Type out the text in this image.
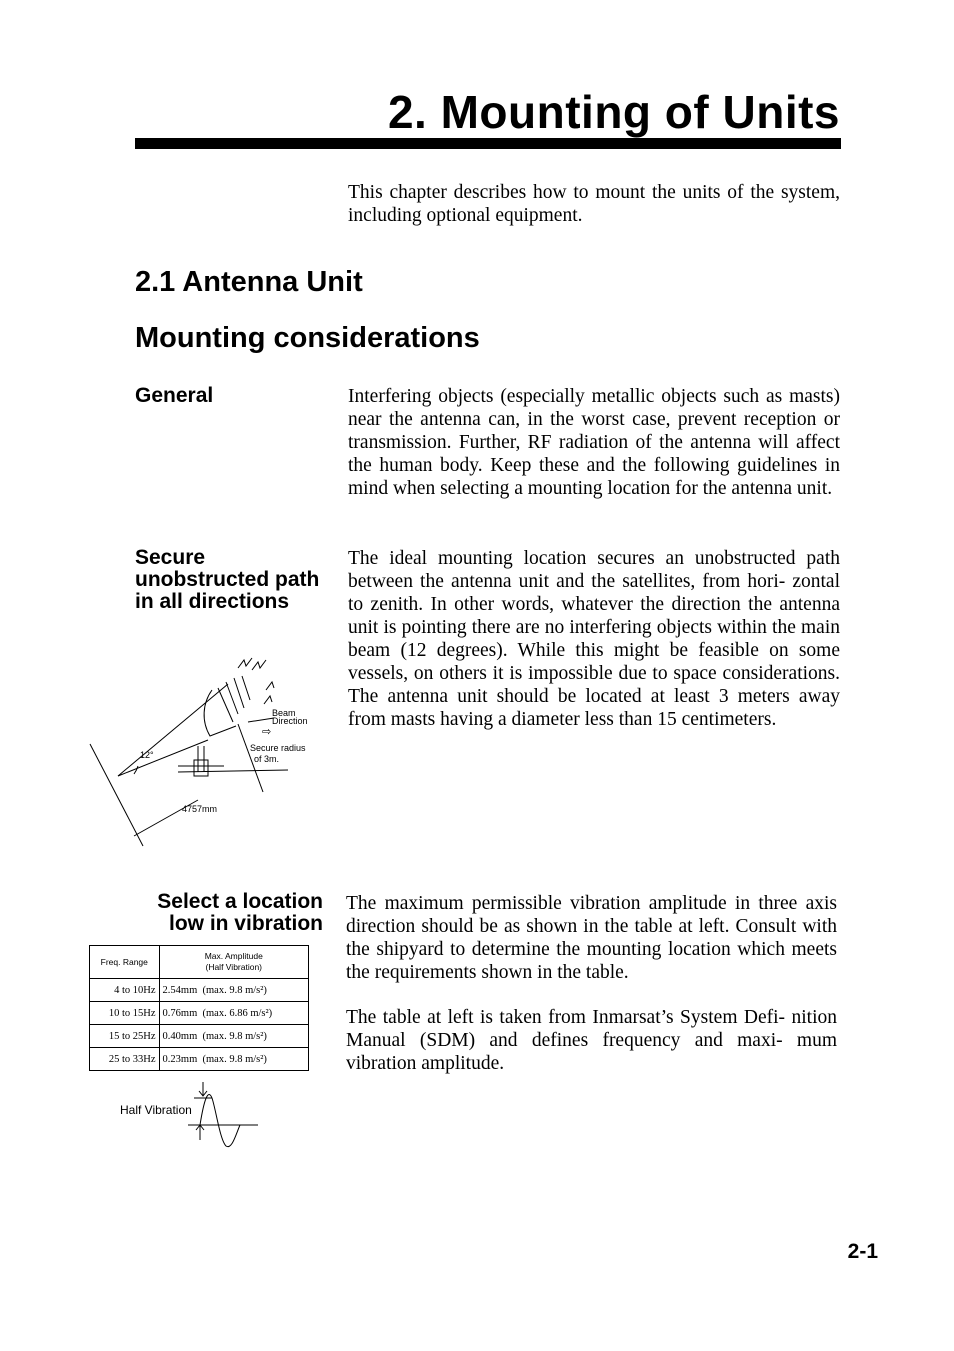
2. Mounting of Units
This chapter describes how to mount the units of the system, including optional equipment.
2.1 Antenna Unit
Mounting considerations
General	Interfering objects (especially metallic objects such as masts) near the antenna can, in the worst case, prevent reception or transmission. Further, RF radiation of the antenna will affect the human body. Keep these and the following guidelines in mind when selecting a mounting location for the antenna unit.
Secure unobstructed path in all directions
The ideal mounting location secures an unobstructed path between the antenna unit and the satellites, from hori- zontal to zenith. In other words, whatever the direction the antenna unit is pointing there are no interfering objects within the main beam (12 degrees). While this might be feasible on some vessels, on others it is impossible due to space considerations. The antenna unit should be located at least 3 meters away from masts having a diameter less than 15 centimeters.
Beam
Direction
12°
⇨
Secure radius
of 3m.
4757mm
Select a location low in vibration
Freq. Range	Max. Amplitude
(Half Vibration)

4 to 10Hz	2.54mm (max. 9.8 m/s²)
10 to 15Hz	0.76mm (max. 6.86 m/s²)
15 to 25Hz	0.40mm (max. 9.8 m/s²)
25 to 33Hz	0.23mm (max. 9.8 m/s²)
Half Vibration
The maximum permissible vibration amplitude in three axis direction should be as shown in the table at left. Consult with the shipyard to determine the mounting location which meets the requirements shown in the table.
The table at left is taken from Inmarsat’s System Defi- nition Manual (SDM) and defines frequency and maxi- mum vibration amplitude.
2-1
